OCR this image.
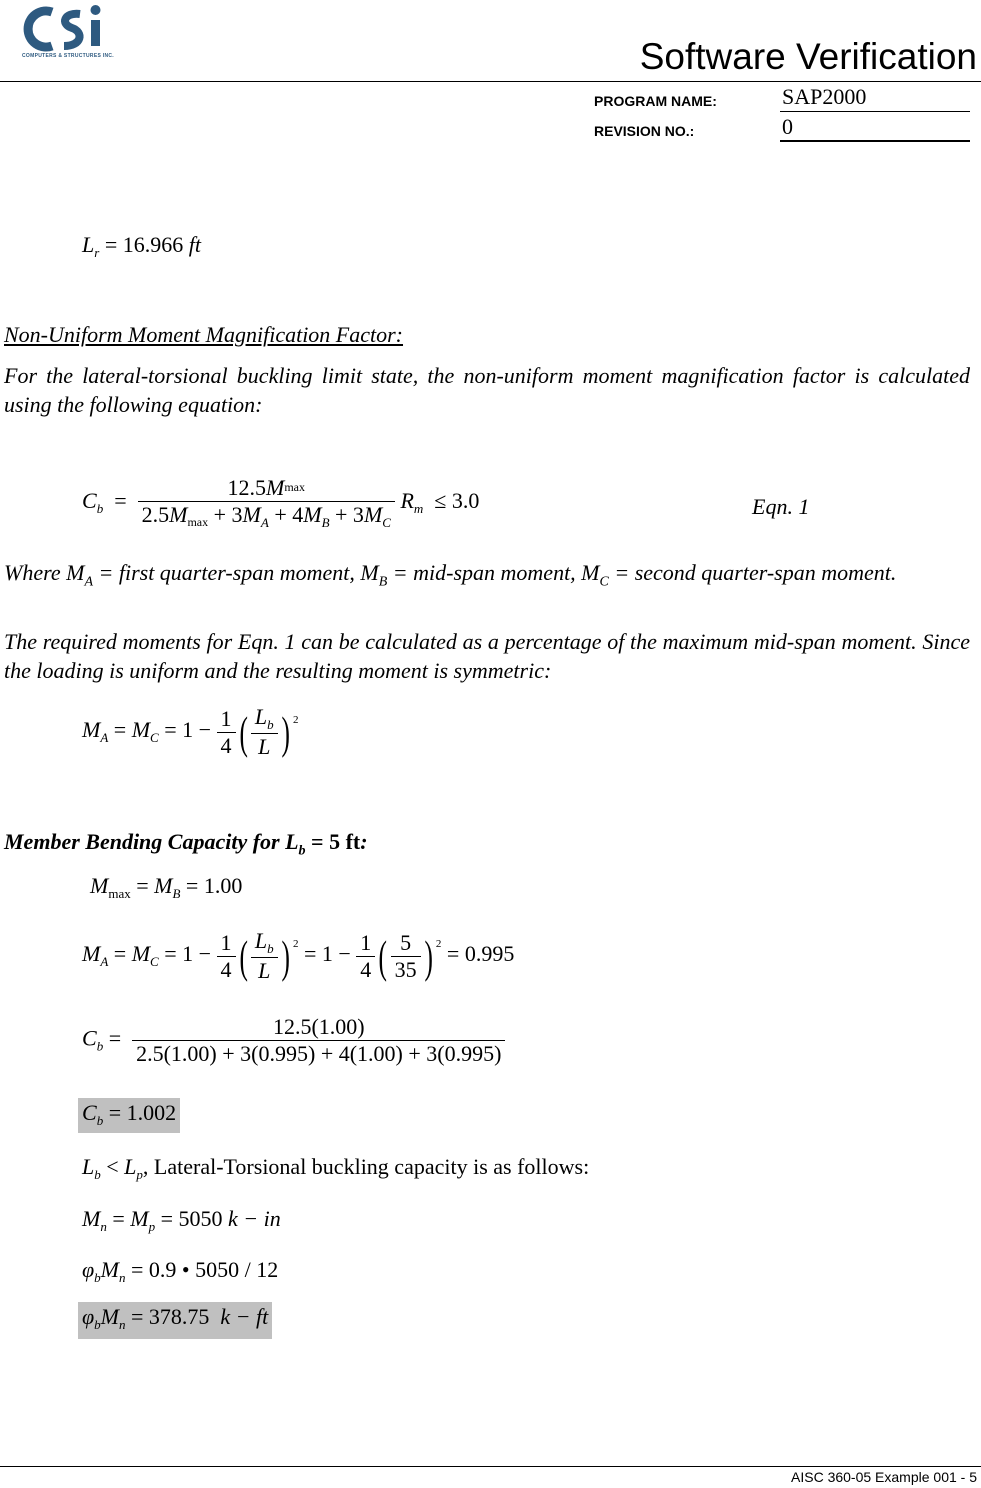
COMPUTERS & STRUCTURES INC.	Software Verification
PROGRAM NAME:	SAP2000
REVISION NO.:	0
$L_r = 16.966$ ft
Non-Uniform Moment Magnification Factor:
For the lateral-torsional buckling limit state, the non-uniform moment magnification factor is calculated using the following equation:
$C_b = \frac{12.5Mmax}{2.5Mmax + 3M_A + 4M_B + 3M_C} R_m \le 3.0$	Eqn. 1
Where $M_A$ = first quarter-span moment, $M_B$ = mid-span moment, $M_C$ = second quarter-span moment.
The required moments for Eqn. 1 can be calculated as a percentage of the maximum mid-span moment. Since the loading is uniform and the resulting moment is symmetric:
$M_A = M_C = 1 - \frac{1}{4}$ ( $\frac{L_b}{L}$ ) $^2$
Member Bending Capacity for $L_b = 5$ ft:
$M_{max} = M_B = 1.00$
$M_A = M_C = 1 - \frac{1}{4}$ ( $\frac{L_b}{L}$ ) $^2 = 1 - \frac{1}{4}$ ( $\frac{5}{35}$ ) $^2$ = 0.995
$C_b = \frac{12.5(1.00)}{2.5(1.00) + 3(0.995) + 4(1.00) + 3(0.995)}$
$C_b = 1.002$
$L_b < L_p$, Lateral-Torsional buckling capacity is as follows:
$M_n = M_p = 5050$ k − in
$\varphi_bM_n = 0.9$ • 5050 / 12
$\varphi_bM_n = 378.75$ k − ft
AISC 360-05 Example 001 - 5
